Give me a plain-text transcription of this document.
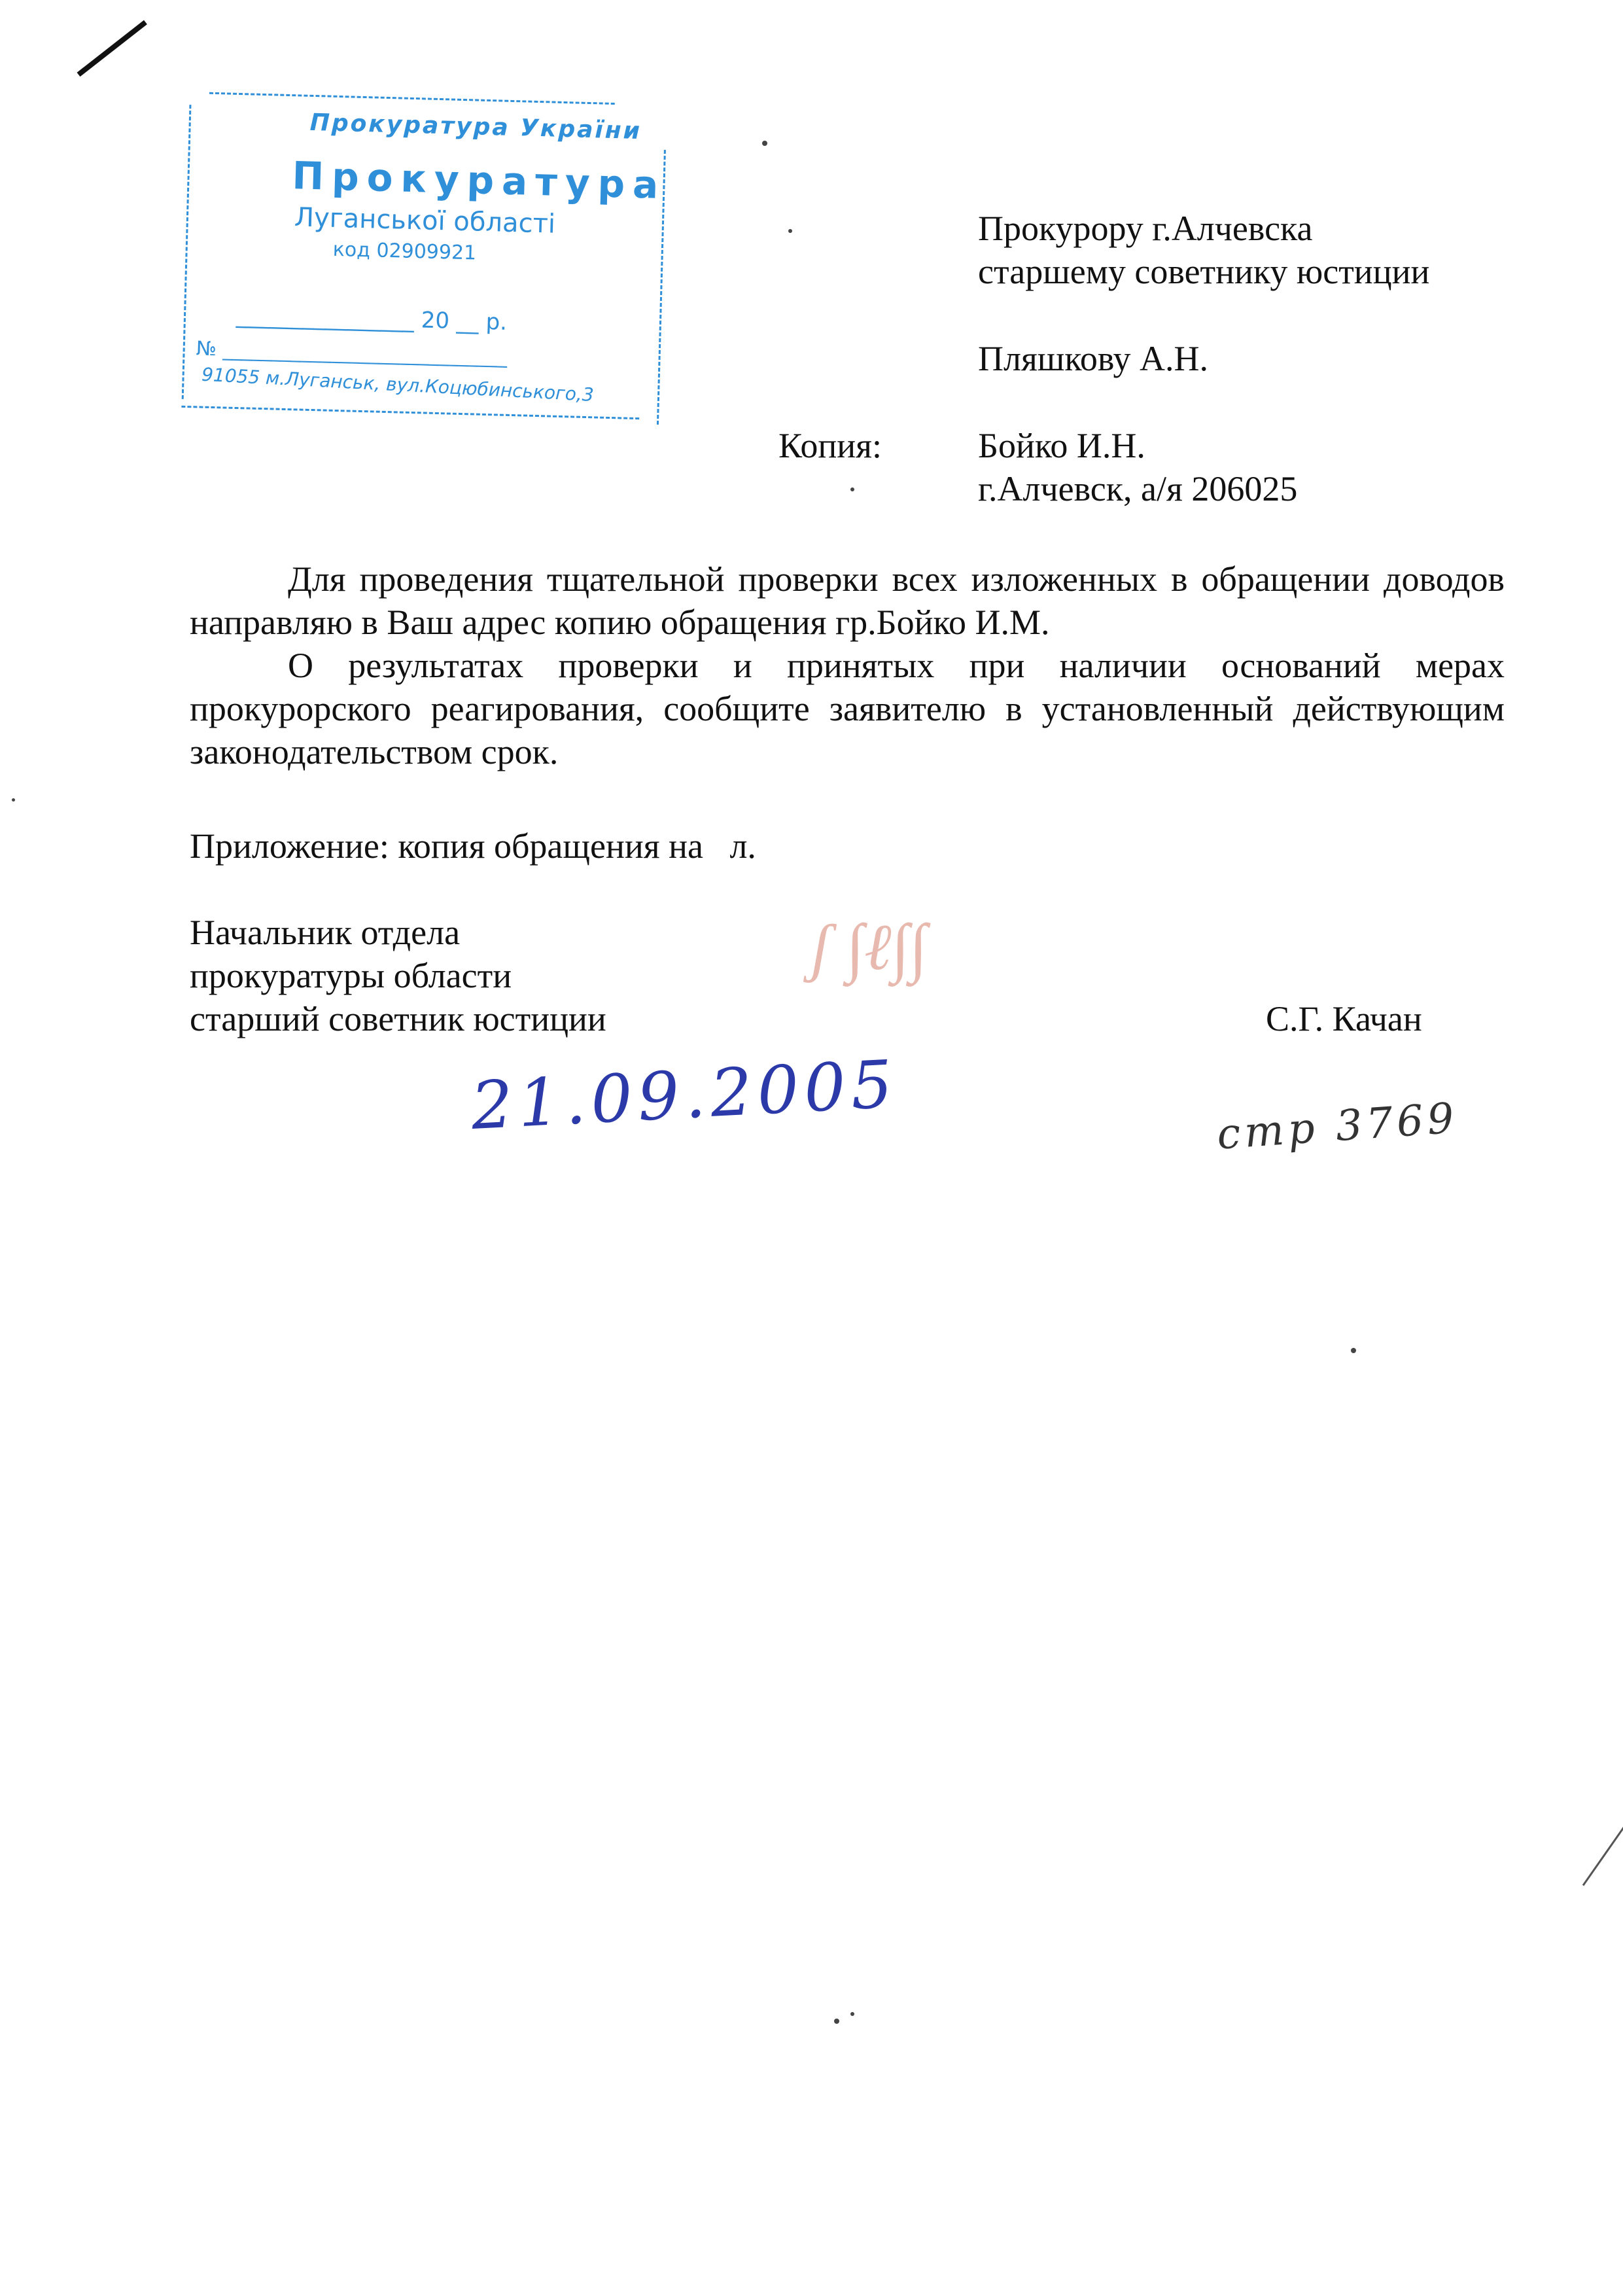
Прокуратура України
Прокуратура
Луганської області
код 02909921
________________ 20 __ р.
№ _____________________________
91055 м.Луганськ, вул.Коцюбинського,3
Прокурору г.Алчевска
старшему советнику юстиции
Пляшкову А.Н.
Копия:	Бойко И.Н.
г.Алчевск, а/я 206025

Для проведения тщательной проверки всех изложенных в обращении доводов направляю в Ваш адрес копию обращения гр.Бойко И.М.

О результатах проверки и принятых при наличии оснований мерах прокурорского реагирования, сообщите заявителю в установленный действующим законодательством срок.

Приложение: копия обращения на   л.
Начальник отдела
прокуратуры области
старший советник юстиции	С.Г. Качан
ʃ ∫ℓ∫∫
21.09.2005	стр 3769
